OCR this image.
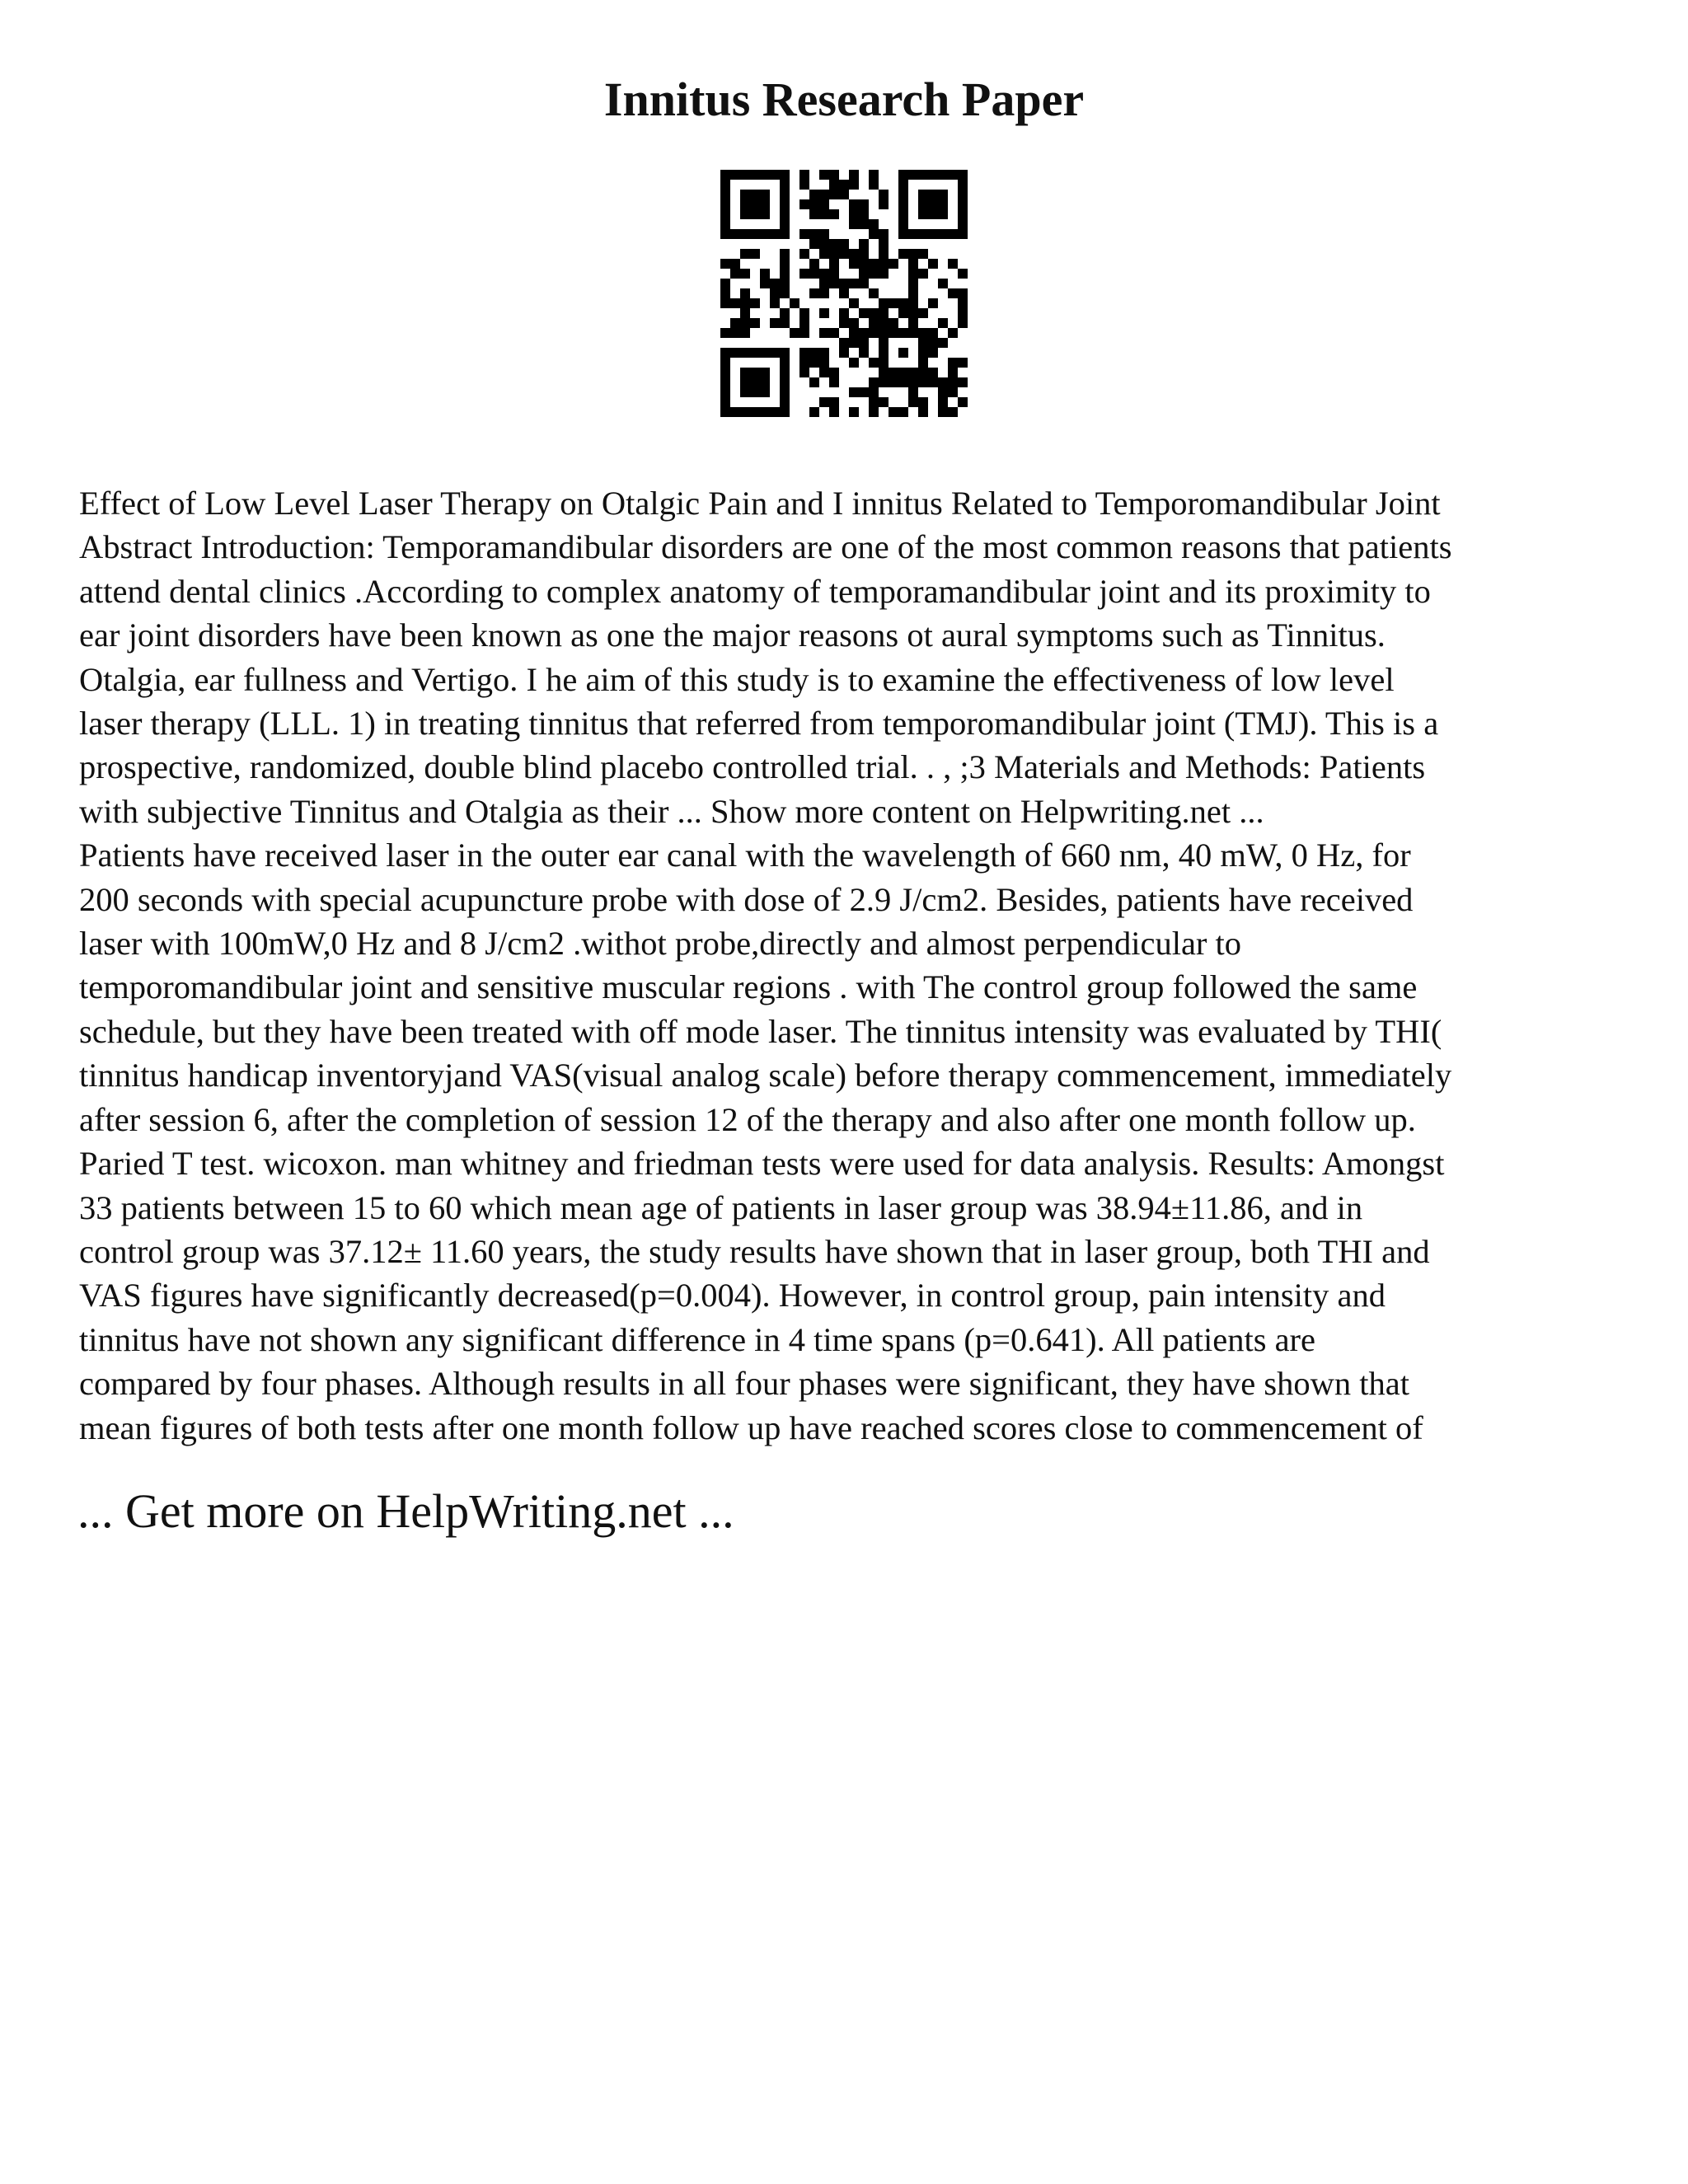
Innitus Research Paper
Effect of Low Level Laser Therapy on Otalgic Pain and I innitus Related to Temporomandibular Joint
Abstract Introduction: Temporamandibular disorders are one of the most common reasons that patients
attend dental clinics .According to complex anatomy of temporamandibular joint and its proximity to
ear joint disorders have been known as one the major reasons ot aural symptoms such as Tinnitus.
Otalgia, ear fullness and Vertigo. I he aim of this study is to examine the effectiveness of low level
laser therapy (LLL. 1) in treating tinnitus that referred from temporomandibular joint (TMJ). This is a
prospective, randomized, double blind placebo controlled trial. . , ;3 Materials and Methods: Patients
with subjective Tinnitus and Otalgia as their ... Show more content on Helpwriting.net ...
Patients have received laser in the outer ear canal with the wavelength of 660 nm, 40 mW, 0 Hz, for
200 seconds with special acupuncture probe with dose of 2.9 J/cm2. Besides, patients have received
laser with 100mW,0 Hz and 8 J/cm2 .withot probe,directly and almost perpendicular to
temporomandibular joint and sensitive muscular regions . with The control group followed the same
schedule, but they have been treated with off mode laser. The tinnitus intensity was evaluated by THI(
tinnitus handicap inventoryjand VAS(visual analog scale) before therapy commencement, immediately
after session 6, after the completion of session 12 of the therapy and also after one month follow up.
Paried T test. wicoxon. man whitney and friedman tests were used for data analysis. Results: Amongst
33 patients between 15 to 60 which mean age of patients in laser group was 38.94±11.86, and in
control group was 37.12± 11.60 years, the study results have shown that in laser group, both THI and
VAS figures have significantly decreased(p=0.004). However, in control group, pain intensity and
tinnitus have not shown any significant difference in 4 time spans (p=0.641). All patients are
compared by four phases. Although results in all four phases were significant, they have shown that
mean figures of both tests after one month follow up have reached scores close to commencement of
... Get more on HelpWriting.net ...
